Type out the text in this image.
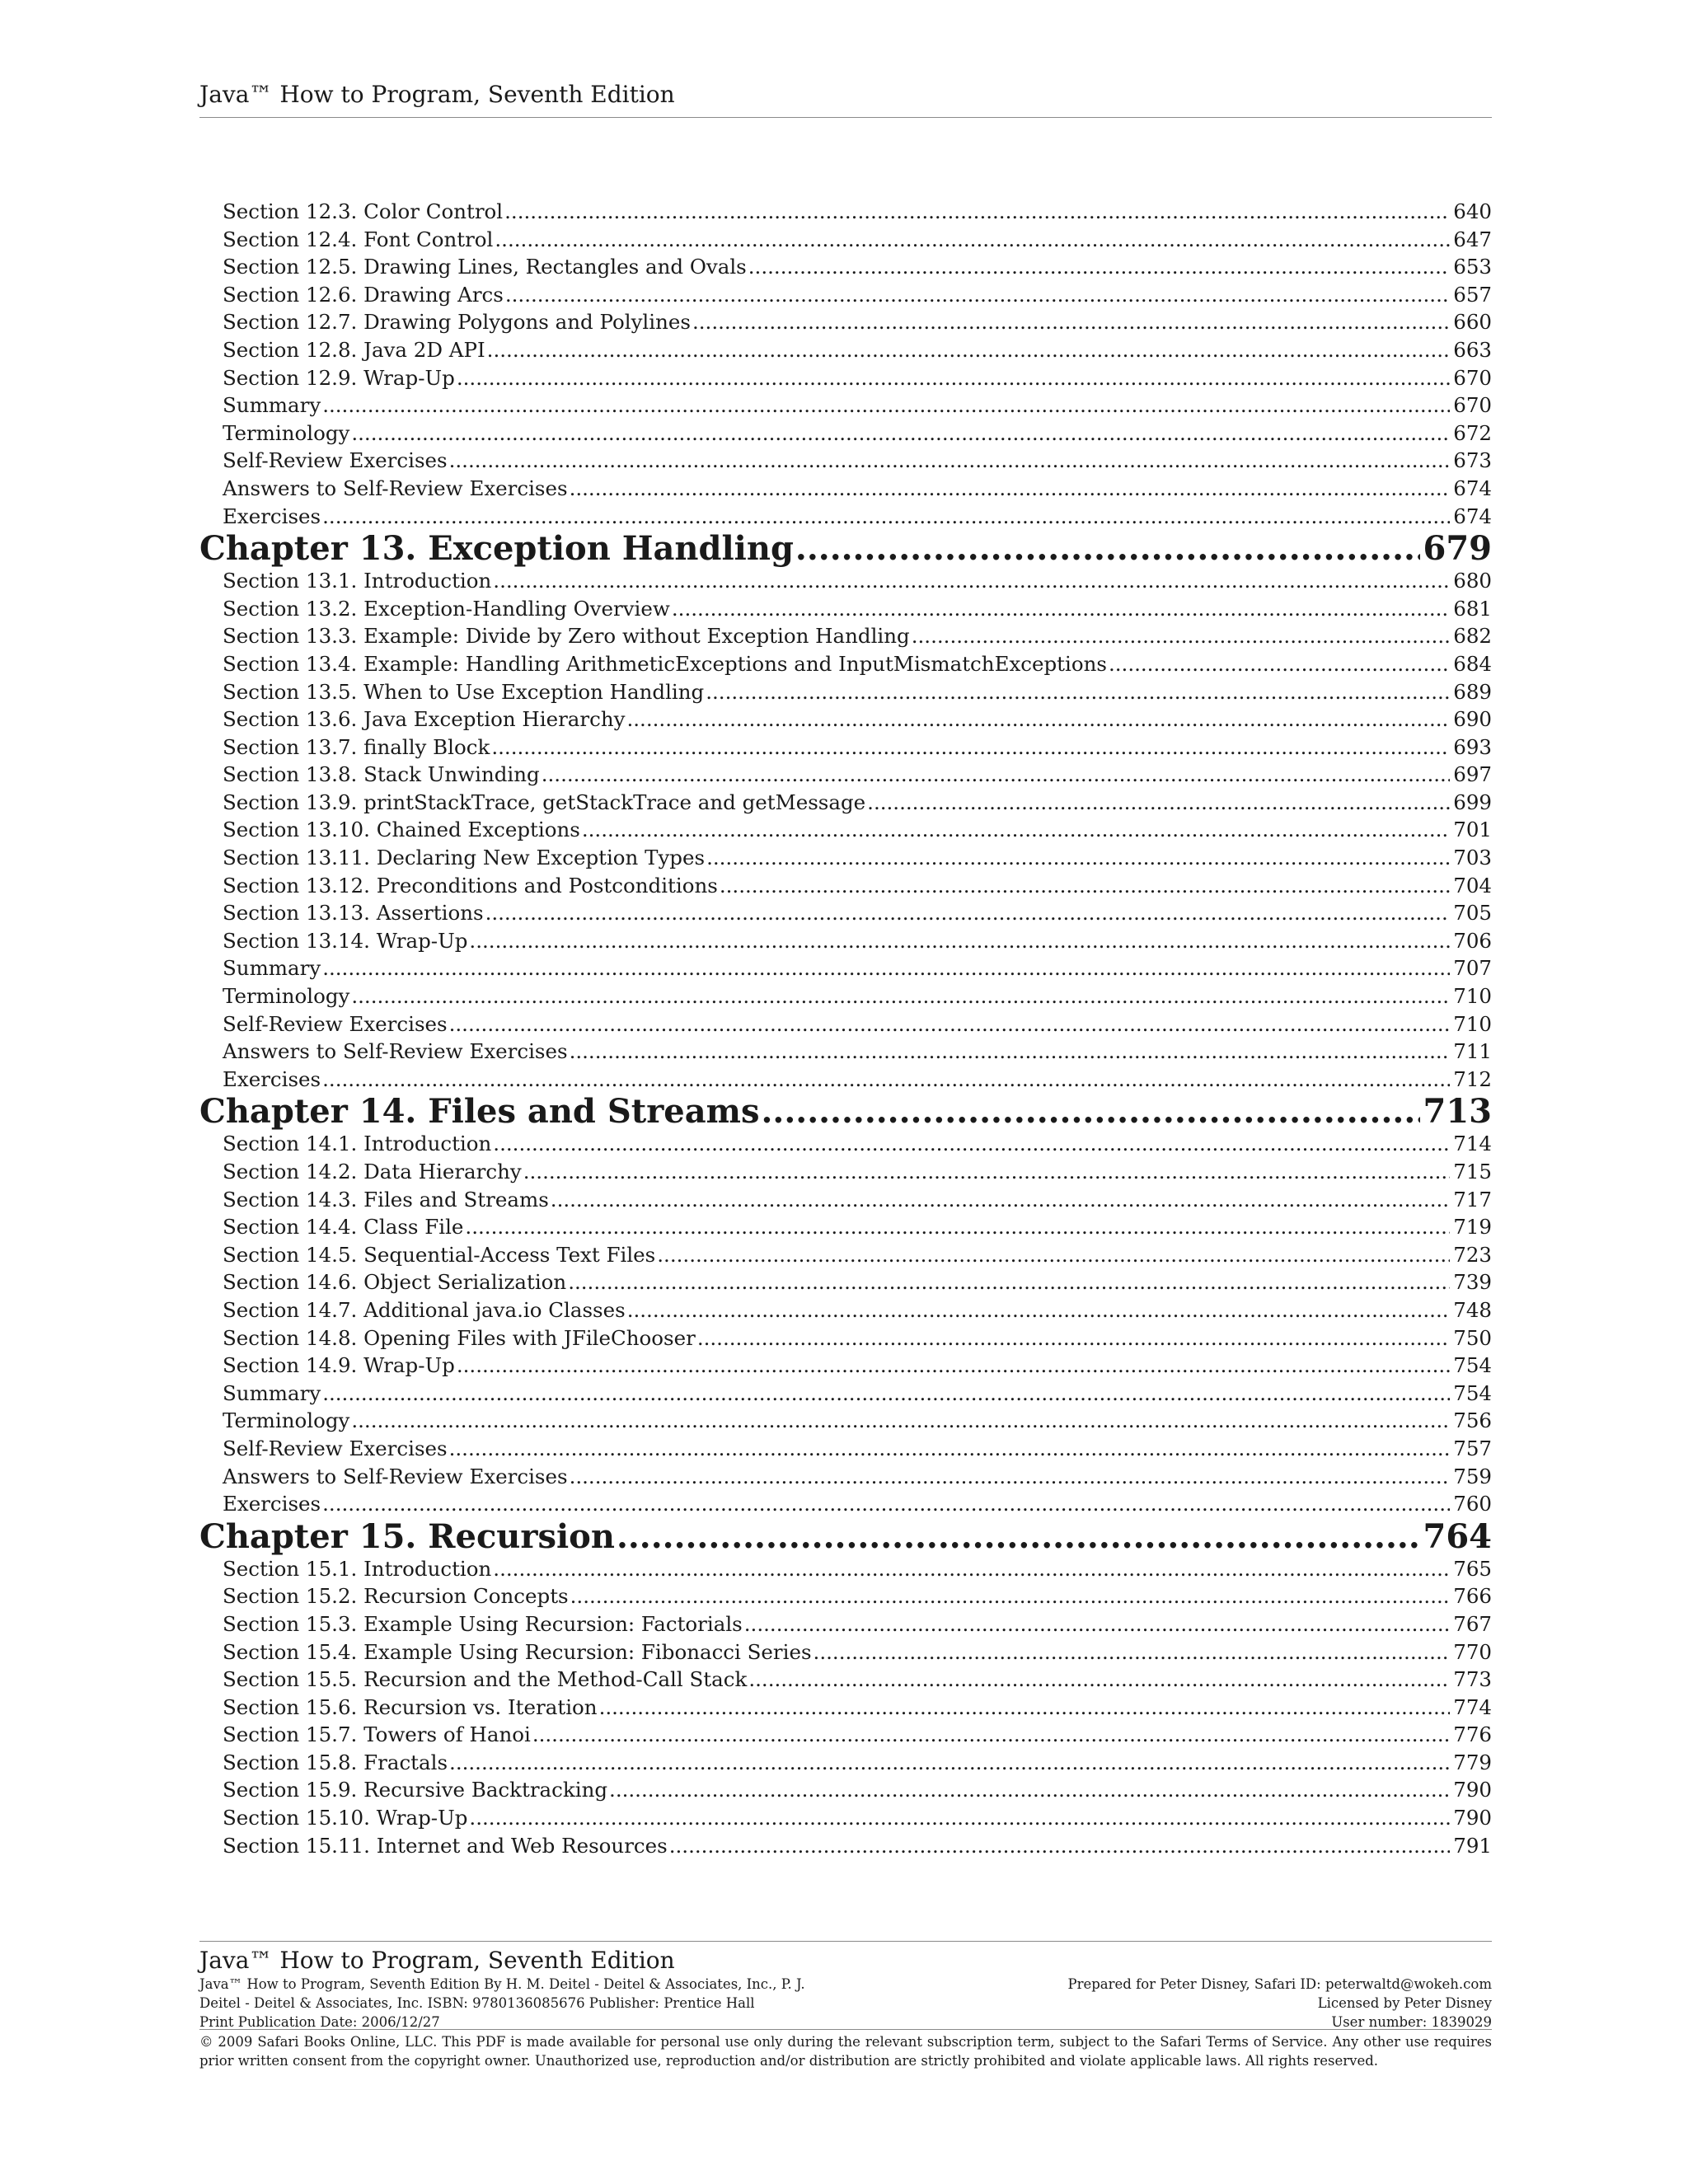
Java™ How to Program, Seventh Edition
Section 12.3. Color Control .....	640
Section 12.4. Font Control .....	647
Section 12.5. Drawing Lines, Rectangles and Ovals .....	653
Section 12.6. Drawing Arcs .....	657
Section 12.7. Drawing Polygons and Polylines .....	660
Section 12.8. Java 2D API .....	663
Section 12.9. Wrap-Up .....	670
Summary .....	670
Terminology .....	672
Self-Review Exercises .....	673
Answers to Self-Review Exercises .....	674
Exercises .....	674
Chapter 13. Exception Handling .....	679
Section 13.1. Introduction .....	680
Section 13.2. Exception-Handling Overview .....	681
Section 13.3. Example: Divide by Zero without Exception Handling .....	682
Section 13.4. Example: Handling ArithmeticExceptions and InputMismatchExceptions .....	684
Section 13.5. When to Use Exception Handling .....	689
Section 13.6. Java Exception Hierarchy .....	690
Section 13.7. finally Block .....	693
Section 13.8. Stack Unwinding .....	697
Section 13.9. printStackTrace, getStackTrace and getMessage .....	699
Section 13.10. Chained Exceptions .....	701
Section 13.11. Declaring New Exception Types .....	703
Section 13.12. Preconditions and Postconditions .....	704
Section 13.13. Assertions .....	705
Section 13.14. Wrap-Up .....	706
Summary .....	707
Terminology .....	710
Self-Review Exercises .....	710
Answers to Self-Review Exercises .....	711
Exercises .....	712
Chapter 14. Files and Streams .....	713
Section 14.1. Introduction .....	714
Section 14.2. Data Hierarchy .....	715
Section 14.3. Files and Streams .....	717
Section 14.4. Class File .....	719
Section 14.5. Sequential-Access Text Files .....	723
Section 14.6. Object Serialization .....	739
Section 14.7. Additional java.io Classes .....	748
Section 14.8. Opening Files with JFileChooser .....	750
Section 14.9. Wrap-Up .....	754
Summary .....	754
Terminology .....	756
Self-Review Exercises .....	757
Answers to Self-Review Exercises .....	759
Exercises .....	760
Chapter 15. Recursion .....	764
Section 15.1. Introduction .....	765
Section 15.2. Recursion Concepts .....	766
Section 15.3. Example Using Recursion: Factorials .....	767
Section 15.4. Example Using Recursion: Fibonacci Series .....	770
Section 15.5. Recursion and the Method-Call Stack .....	773
Section 15.6. Recursion vs. Iteration .....	774
Section 15.7. Towers of Hanoi .....	776
Section 15.8. Fractals .....	779
Section 15.9. Recursive Backtracking .....	790
Section 15.10. Wrap-Up .....	790
Section 15.11. Internet and Web Resources .....	791
Java™ How to Program, Seventh Edition
Java™ How to Program, Seventh Edition By H. M. Deitel - Deitel & Associates, Inc., P. J.
Deitel - Deitel & Associates, Inc. ISBN: 9780136085676 Publisher: Prentice Hall
Print Publication Date: 2006/12/27
Prepared for Peter Disney, Safari ID: peterwaltd@wokeh.com
Licensed by Peter Disney
User number: 1839029
© 2009 Safari Books Online, LLC. This PDF is made available for personal use only during the relevant subscription term, subject to the Safari Terms of Service. Any other use requires prior written consent from the copyright owner. Unauthorized use, reproduction and/or distribution are strictly prohibited and violate applicable laws. All rights reserved.
